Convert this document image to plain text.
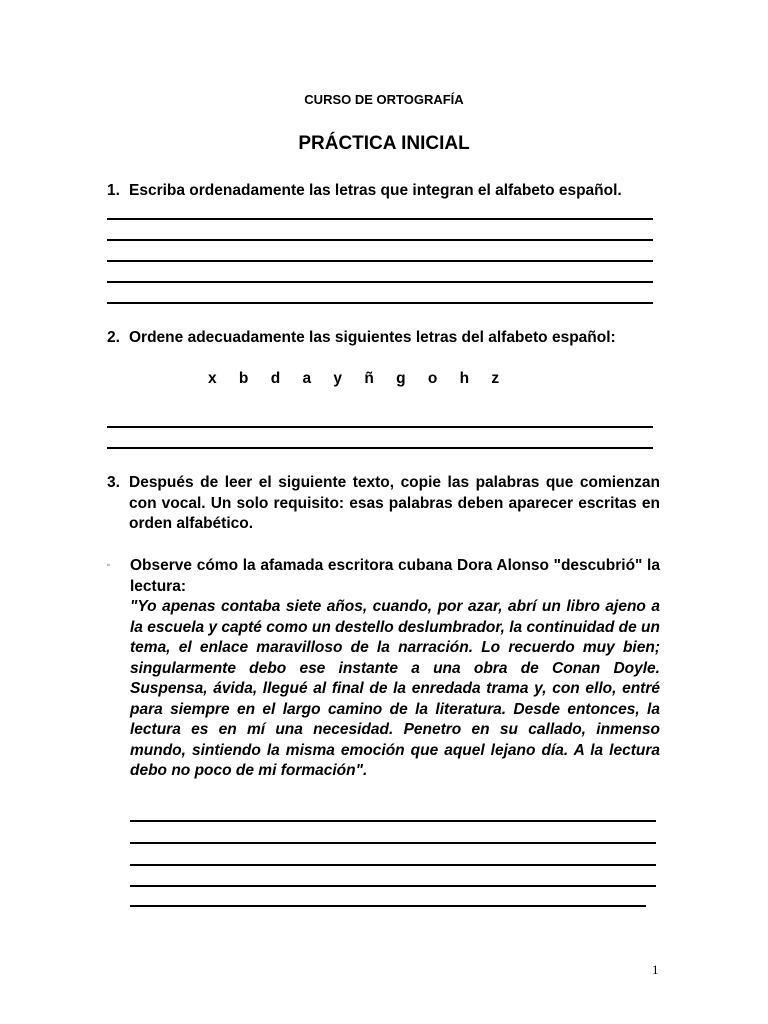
CURSO DE ORTOGRAFÍA
PRÁCTICA INICIAL
1. Escriba ordenadamente las letras que integran el alfabeto español.
2. Ordene adecuadamente las siguientes letras del alfabeto español:
x b d a y ñ g o h z
3. Después de leer el siguiente texto, copie las palabras que comienzan con vocal. Un solo requisito: esas palabras deben aparecer escritas en orden alfabético.
▫ Observe cómo la afamada escritora cubana Dora Alonso "descubrió" la lectura:
"Yo apenas contaba siete años, cuando, por azar, abrí un libro ajeno a la escuela y capté como un destello deslumbrador, la continuidad de un tema, el enlace maravilloso de la narración. Lo recuerdo muy bien; singularmente debo ese instante a una obra de Conan Doyle. Suspensa, ávida, llegué al final de la enredada trama y, con ello, entré para siempre en el largo camino de la literatura. Desde entonces, la lectura es en mí una necesidad. Penetro en su callado, inmenso mundo, sintiendo la misma emoción que aquel lejano día. A la lectura debo no poco de mi formación".
1
